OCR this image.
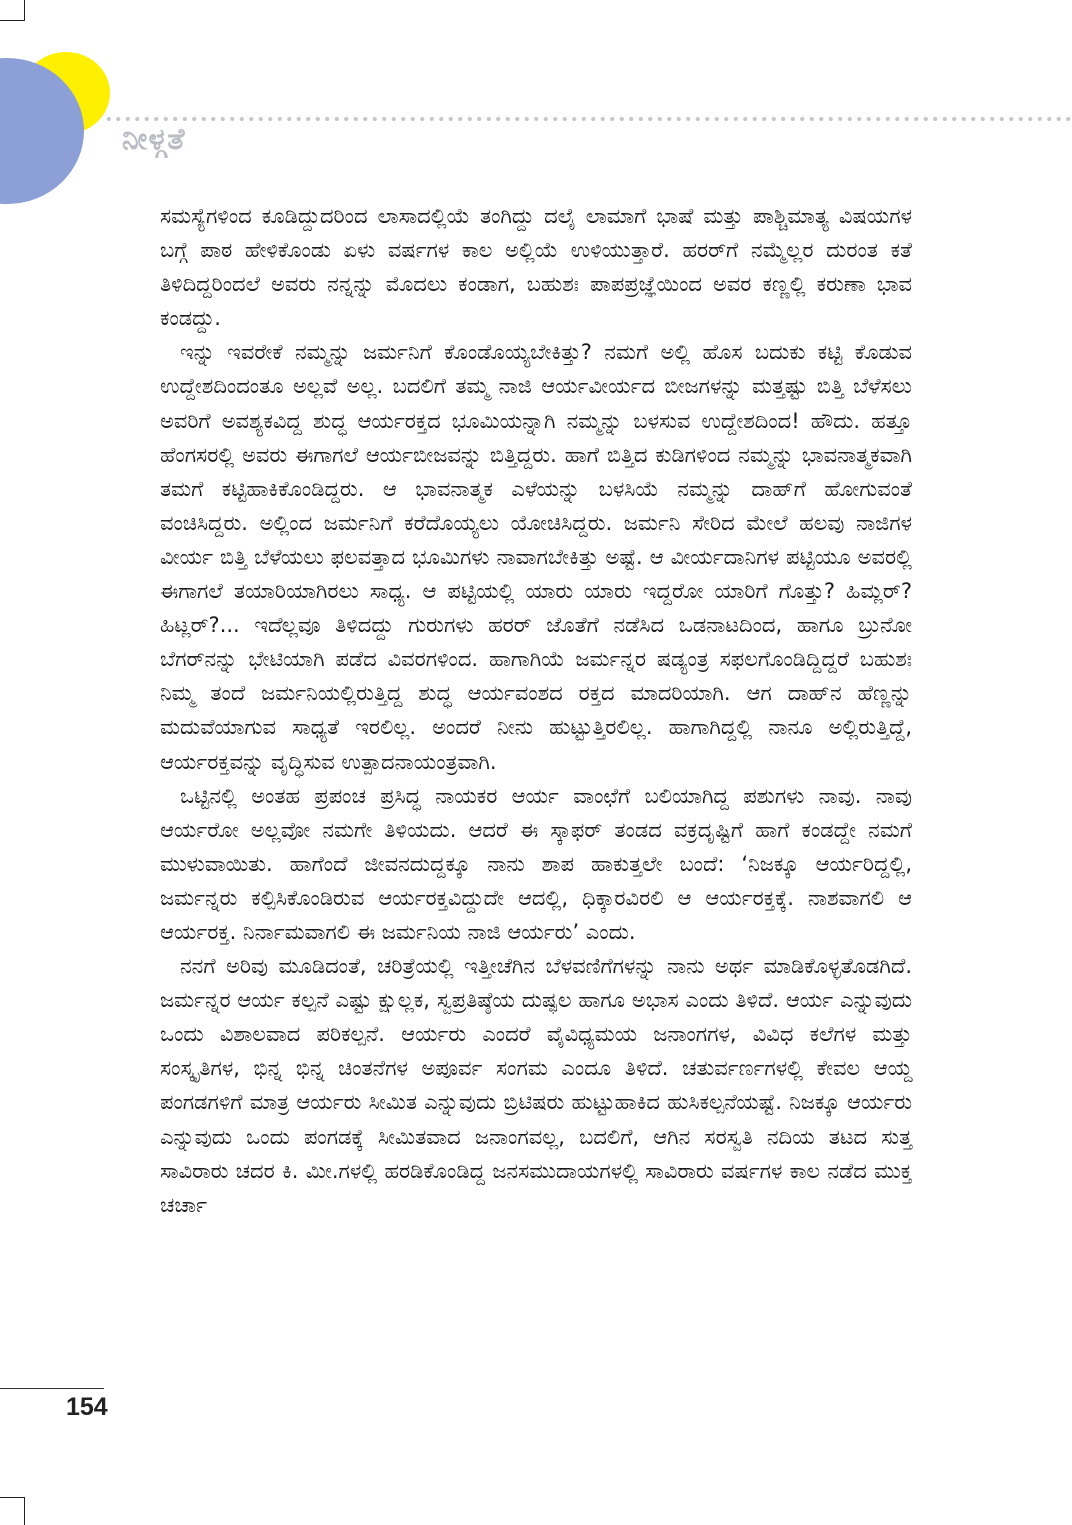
ನೀಳ್ಗತೆ

ಸಮಸ್ಯೆಗಳಿಂದ ಕೂಡಿದ್ದುದರಿಂದ ಲಾಸಾದಲ್ಲಿಯೆ ತಂಗಿದ್ದು ದಲೈ ಲಾಮಾಗೆ ಭಾಷೆ ಮತ್ತು ಪಾಶ್ಚಿಮಾತ್ಯ ವಿಷಯಗಳ ಬಗ್ಗೆ ಪಾಠ ಹೇಳಿಕೊಂಡು ಏಳು ವರ್ಷಗಳ ಕಾಲ ಅಲ್ಲಿಯೆ ಉಳಿಯುತ್ತಾರೆ. ಹರರ್‌ಗೆ ನಮ್ಮೆಲ್ಲರ ದುರಂತ ಕತೆ ತಿಳಿದಿದ್ದರಿಂದಲೆ ಅವರು ನನ್ನನ್ನು ಮೊದಲು ಕಂಡಾಗ, ಬಹುಶಃ ಪಾಪಪ್ರಜ್ಞೆಯಿಂದ ಅವರ ಕಣ್ಣಲ್ಲಿ ಕರುಣಾ ಭಾವ ಕಂಡದ್ದು.

ಇನ್ನು ಇವರೇಕೆ ನಮ್ಮನ್ನು ಜರ್ಮನಿಗೆ ಕೊಂಡೊಯ್ಯಬೇಕಿತ್ತು? ನಮಗೆ ಅಲ್ಲಿ ಹೊಸ ಬದುಕು ಕಟ್ಟಿ ಕೊಡುವ ಉದ್ದೇಶದಿಂದಂತೂ ಅಲ್ಲವೆ ಅಲ್ಲ. ಬದಲಿಗೆ ತಮ್ಮ ನಾಜಿ ಆರ್ಯವೀರ್ಯದ ಬೀಜಗಳನ್ನು ಮತ್ತಷ್ಟು ಬಿತ್ತಿ ಬೆಳೆಸಲು ಅವರಿಗೆ ಅವಶ್ಯಕವಿದ್ದ ಶುದ್ಧ ಆರ್ಯರಕ್ತದ ಭೂಮಿಯನ್ನಾಗಿ ನಮ್ಮನ್ನು ಬಳಸುವ ಉದ್ದೇಶದಿಂದ! ಹೌದು. ಹತ್ತೂ ಹೆಂಗಸರಲ್ಲಿ ಅವರು ಈಗಾಗಲೆ ಆರ್ಯಬೀಜವನ್ನು ಬಿತ್ತಿದ್ದರು. ಹಾಗೆ ಬಿತ್ತಿದ ಕುಡಿಗಳಿಂದ ನಮ್ಮನ್ನು ಭಾವನಾತ್ಮಕವಾಗಿ ತಮಗೆ ಕಟ್ಟಿಹಾಕಿಕೊಂಡಿದ್ದರು. ಆ ಭಾವನಾತ್ಮಕ ಎಳೆಯನ್ನು ಬಳಸಿಯೆ ನಮ್ಮನ್ನು ದಾಹ್‌ಗೆ ಹೋಗುವಂತೆ ವಂಚಿಸಿದ್ದರು. ಅಲ್ಲಿಂದ ಜರ್ಮನಿಗೆ ಕರೆದೊಯ್ಯಲು ಯೋಚಿಸಿದ್ದರು. ಜರ್ಮನಿ ಸೇರಿದ ಮೇಲೆ ಹಲವು ನಾಜಿಗಳ ವೀರ್ಯ ಬಿತ್ತಿ ಬೆಳೆಯಲು ಫಲವತ್ತಾದ ಭೂಮಿಗಳು ನಾವಾಗಬೇಕಿತ್ತು ಅಷ್ಟೆ. ಆ ವೀರ್ಯದಾನಿಗಳ ಪಟ್ಟಿಯೂ ಅವರಲ್ಲಿ ಈಗಾಗಲೆ ತಯಾರಿಯಾಗಿರಲು ಸಾಧ್ಯ. ಆ ಪಟ್ಟಿಯಲ್ಲಿ ಯಾರು ಯಾರು ಇದ್ದರೋ ಯಾರಿಗೆ ಗೊತ್ತು? ಹಿಮ್ಲರ್? ಹಿಟ್ಲರ್?... ಇದೆಲ್ಲವೂ ತಿಳಿದದ್ದು ಗುರುಗಳು ಹರರ್ ಜೊತೆಗೆ ನಡೆಸಿದ ಒಡನಾಟದಿಂದ, ಹಾಗೂ ಬ್ರುನೋ ಬೆಗರ್‌ನನ್ನು ಭೇಟಿಯಾಗಿ ಪಡೆದ ವಿವರಗಳಿಂದ. ಹಾಗಾಗಿಯೆ ಜರ್ಮನ್ನರ ಷಡ್ಯಂತ್ರ ಸಫಲಗೊಂಡಿದ್ದಿದ್ದರೆ ಬಹುಶಃ ನಿಮ್ಮ ತಂದೆ ಜರ್ಮನಿಯಲ್ಲಿರುತ್ತಿದ್ದ ಶುದ್ಧ ಆರ್ಯವಂಶದ ರಕ್ತದ ಮಾದರಿಯಾಗಿ. ಆಗ ದಾಹ್‌ನ ಹೆಣ್ಣನ್ನು ಮದುವೆಯಾಗುವ ಸಾಧ್ಯತೆ ಇರಲಿಲ್ಲ. ಅಂದರೆ ನೀನು ಹುಟ್ಟುತ್ತಿರಲಿಲ್ಲ. ಹಾಗಾಗಿದ್ದಲ್ಲಿ ನಾನೂ ಅಲ್ಲಿರುತ್ತಿದ್ದೆ, ಆರ್ಯರಕ್ತವನ್ನು ವೃದ್ಧಿಸುವ ಉತ್ಪಾದನಾಯಂತ್ರವಾಗಿ.

ಒಟ್ಟಿನಲ್ಲಿ ಅಂತಹ ಪ್ರಪಂಚ ಪ್ರಸಿದ್ಧ ನಾಯಕರ ಆರ್ಯ ವಾಂಛೆಗೆ ಬಲಿಯಾಗಿದ್ದ ಪಶುಗಳು ನಾವು. ನಾವು ಆರ್ಯರೋ ಅಲ್ಲವೋ ನಮಗೇ ತಿಳಿಯದು. ಆದರೆ ಈ ಸ್ಕಾಫರ್ ತಂಡದ ವಕ್ರದೃಷ್ಟಿಗೆ ಹಾಗೆ ಕಂಡದ್ದೇ ನಮಗೆ ಮುಳುವಾಯಿತು. ಹಾಗೆಂದೆ ಜೀವನದುದ್ದಕ್ಕೂ ನಾನು ಶಾಪ ಹಾಕುತ್ತಲೇ ಬಂದೆ: ‘ನಿಜಕ್ಕೂ ಆರ್ಯರಿದ್ದಲ್ಲಿ, ಜರ್ಮನ್ನರು ಕಲ್ಪಿಸಿಕೊಂಡಿರುವ ಆರ್ಯರಕ್ತವಿದ್ದುದೇ ಆದಲ್ಲಿ, ಧಿಕ್ಕಾರವಿರಲಿ ಆ ಆರ್ಯರಕ್ತಕ್ಕೆ. ನಾಶವಾಗಲಿ ಆ ಆರ್ಯರಕ್ತ. ನಿರ್ನಾಮವಾಗಲಿ ಈ ಜರ್ಮನಿಯ ನಾಜಿ ಆರ್ಯರು’ ಎಂದು.

ನನಗೆ ಅರಿವು ಮೂಡಿದಂತೆ, ಚರಿತ್ರೆಯಲ್ಲಿ ಇತ್ತೀಚೆಗಿನ ಬೆಳವಣಿಗೆಗಳನ್ನು ನಾನು ಅರ್ಥ ಮಾಡಿಕೊಳ್ಳತೊಡಗಿದೆ. ಜರ್ಮನ್ನರ ಆರ್ಯ ಕಲ್ಪನೆ ಎಷ್ಟು ಕ್ಷುಲ್ಲಕ, ಸ್ವಪ್ರತಿಷ್ಠೆಯ ದುಷ್ಫಲ ಹಾಗೂ ಅಭಾಸ ಎಂದು ತಿಳಿದೆ. ಆರ್ಯ ಎನ್ನುವುದು ಒಂದು ವಿಶಾಲವಾದ ಪರಿಕಲ್ಪನೆ. ಆರ್ಯರು ಎಂದರೆ ವೈವಿಧ್ಯಮಯ ಜನಾಂಗಗಳ, ವಿವಿಧ ಕಲೆಗಳ ಮತ್ತು ಸಂಸ್ಕೃತಿಗಳ, ಭಿನ್ನ ಭಿನ್ನ ಚಿಂತನೆಗಳ ಅಪೂರ್ವ ಸಂಗಮ ಎಂದೂ ತಿಳಿದೆ. ಚತುರ್ವರ್ಣಗಳಲ್ಲಿ ಕೇವಲ ಆಯ್ದ ಪಂಗಡಗಳಿಗೆ ಮಾತ್ರ ಆರ್ಯರು ಸೀಮಿತ ಎನ್ನುವುದು ಬ್ರಿಟಿಷರು ಹುಟ್ಟುಹಾಕಿದ ಹುಸಿಕಲ್ಪನೆಯಷ್ಟೆ. ನಿಜಕ್ಕೂ ಆರ್ಯರು ಎನ್ನುವುದು ಒಂದು ಪಂಗಡಕ್ಕೆ ಸೀಮಿತವಾದ ಜನಾಂಗವಲ್ಲ, ಬದಲಿಗೆ, ಆಗಿನ ಸರಸ್ವತಿ ನದಿಯ ತಟದ ಸುತ್ತ ಸಾವಿರಾರು ಚದರ ಕಿ. ಮೀ.ಗಳಲ್ಲಿ ಹರಡಿಕೊಂಡಿದ್ದ ಜನಸಮುದಾಯಗಳಲ್ಲಿ ಸಾವಿರಾರು ವರ್ಷಗಳ ಕಾಲ ನಡೆದ ಮುಕ್ತ ಚರ್ಚಾ

154
